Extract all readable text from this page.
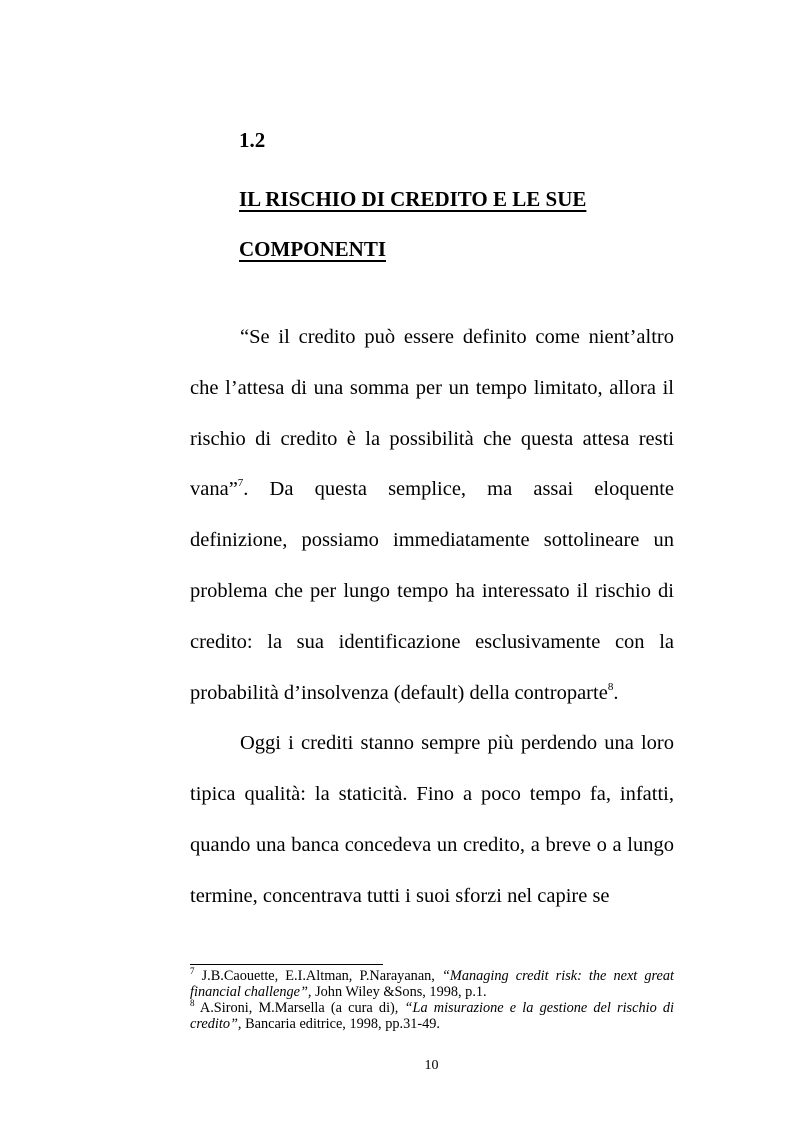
1.2
IL RISCHIO DI CREDITO E LE SUE
COMPONENTI

“Se il credito può essere definito come nient’altro che l’attesa di una somma per un tempo limitato, allora il rischio di credito è la possibilità che questa attesa resti vana”$^7$. Da questa semplice, ma assai eloquente definizione, possiamo immediatamente sottolineare un problema che per lungo tempo ha interessato il rischio di credito: la sua identificazione esclusivamente con la probabilità d’insolvenza (default) della controparte$^8$.

Oggi i crediti stanno sempre più perdendo una loro tipica qualità: la staticità. Fino a poco tempo fa, infatti, quando una banca concedeva un credito, a breve o a lungo termine, concentrava tutti i suoi sforzi nel capire se

$^7$ J.B.Caouette, E.I.Altman, P.Narayanan, “Managing credit risk: the next great financial challenge”, John Wiley &Sons, 1998, p.1.

$^8$ A.Sironi, M.Marsella (a cura di), “La misurazione e la gestione del rischio di credito”, Bancaria editrice, 1998, pp.31-49.

10
